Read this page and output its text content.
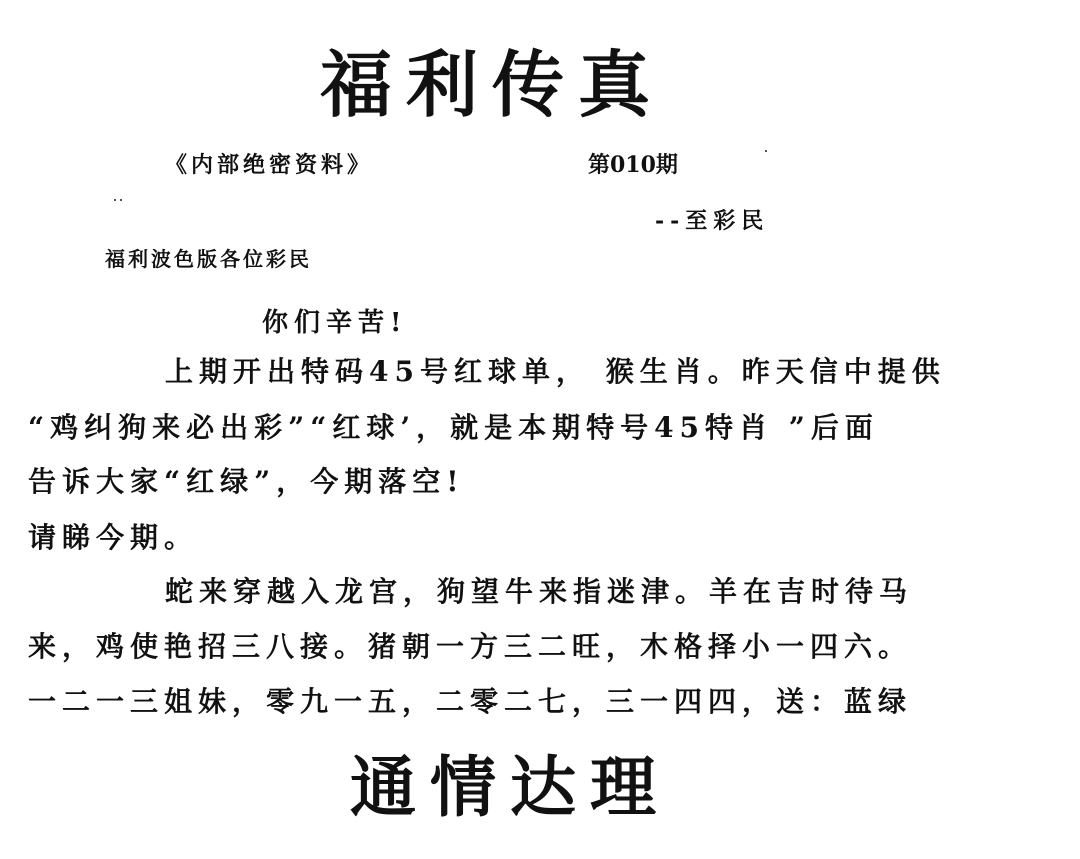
福利传真
《内部绝密资料》	第010期
--至彩民
福利波色版各位彩民
你们辛苦!
上期开出特码45号红球单， 猴生肖。昨天信中提供
“鸡纠狗来必出彩”“红球’，就是本期特号45特肖 ”后面
告诉大家“红绿”，今期落空!
请睇今期。
蛇来穿越入龙宫，狗望牛来指迷津。羊在吉时待马
来，鸡使艳招三八接。猪朝一方三二旺，木格择小一四六。
一二一三姐妹，零九一五，二零二七，三一四四，送：蓝绿
通情达理
